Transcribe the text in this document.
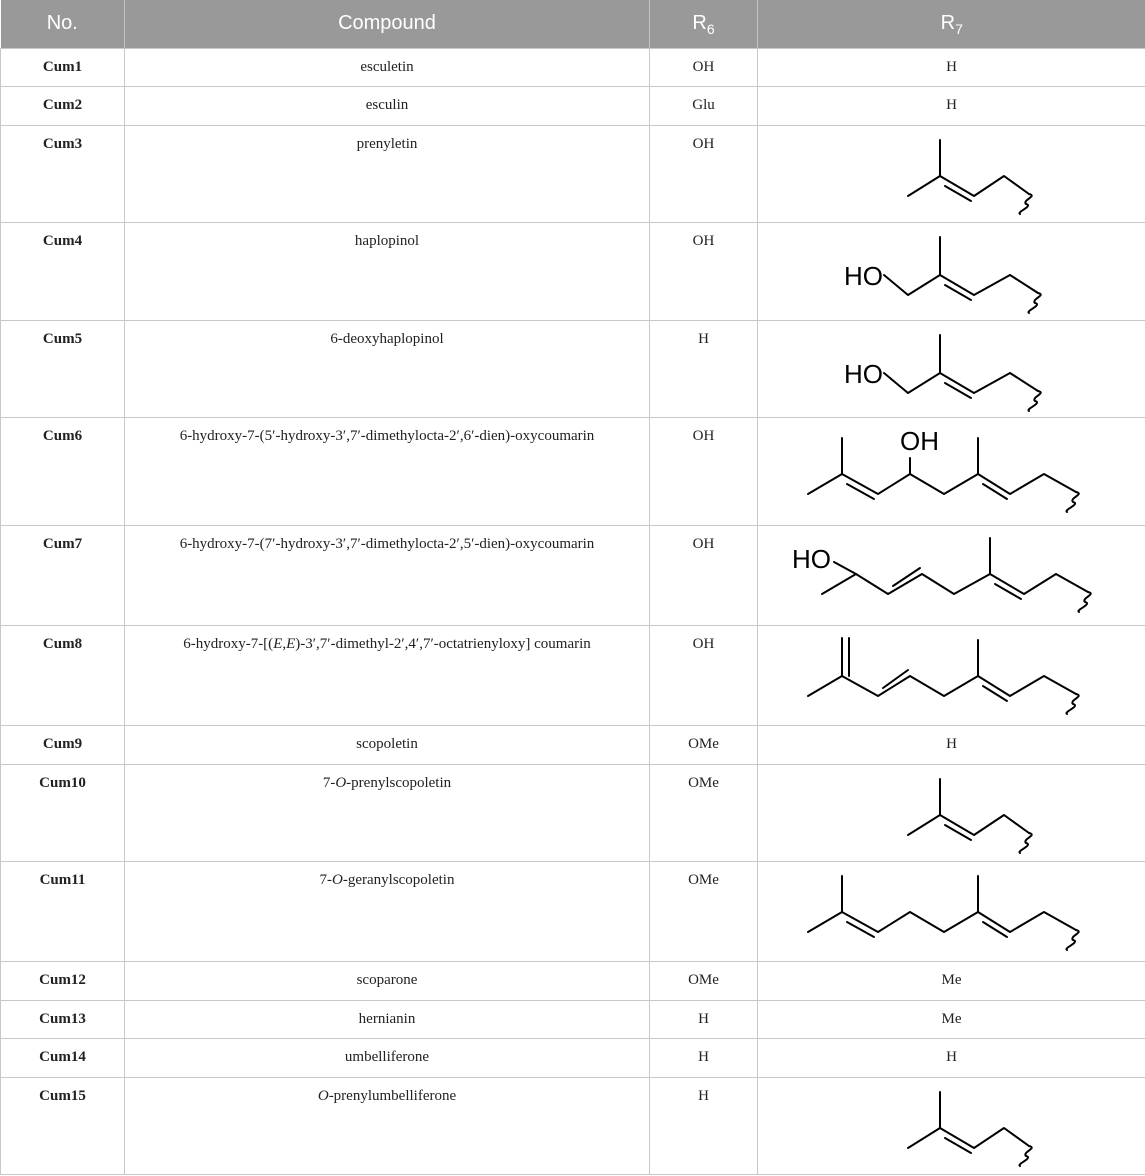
No.	Compound	$R_6$	$R_7$
Cum1	esculetin	OH	H
Cum2	esculin	Glu	H
Cum3	prenyletin	OH	

Cum4	haplopinol	OH	HO

Cum5	6-deoxyhaplopinol	H	HO

Cum6	6-hydroxy-7-(5′-hydroxy-3′,7′-dimethylocta-2′,6′-dien)-oxycoumarin	OH	OH

Cum7	6-hydroxy-7-(7′-hydroxy-3′,7′-dimethylocta-2′,5′-dien)-oxycoumarin	OH	HO

Cum8	6-hydroxy-7-[(E,E)-3′,7′-dimethyl-2′,4′,7′-octatrienyloxy] coumarin	OH	

Cum9	scopoletin	OMe	H
Cum10	7-O-prenylscopoletin	OMe	

Cum11	7-O-geranylscopoletin	OMe	

Cum12	scoparone	OMe	Me
Cum13	hernianin	H	Me
Cum14	umbelliferone	H	H
Cum15	O-prenylumbelliferone	H	
